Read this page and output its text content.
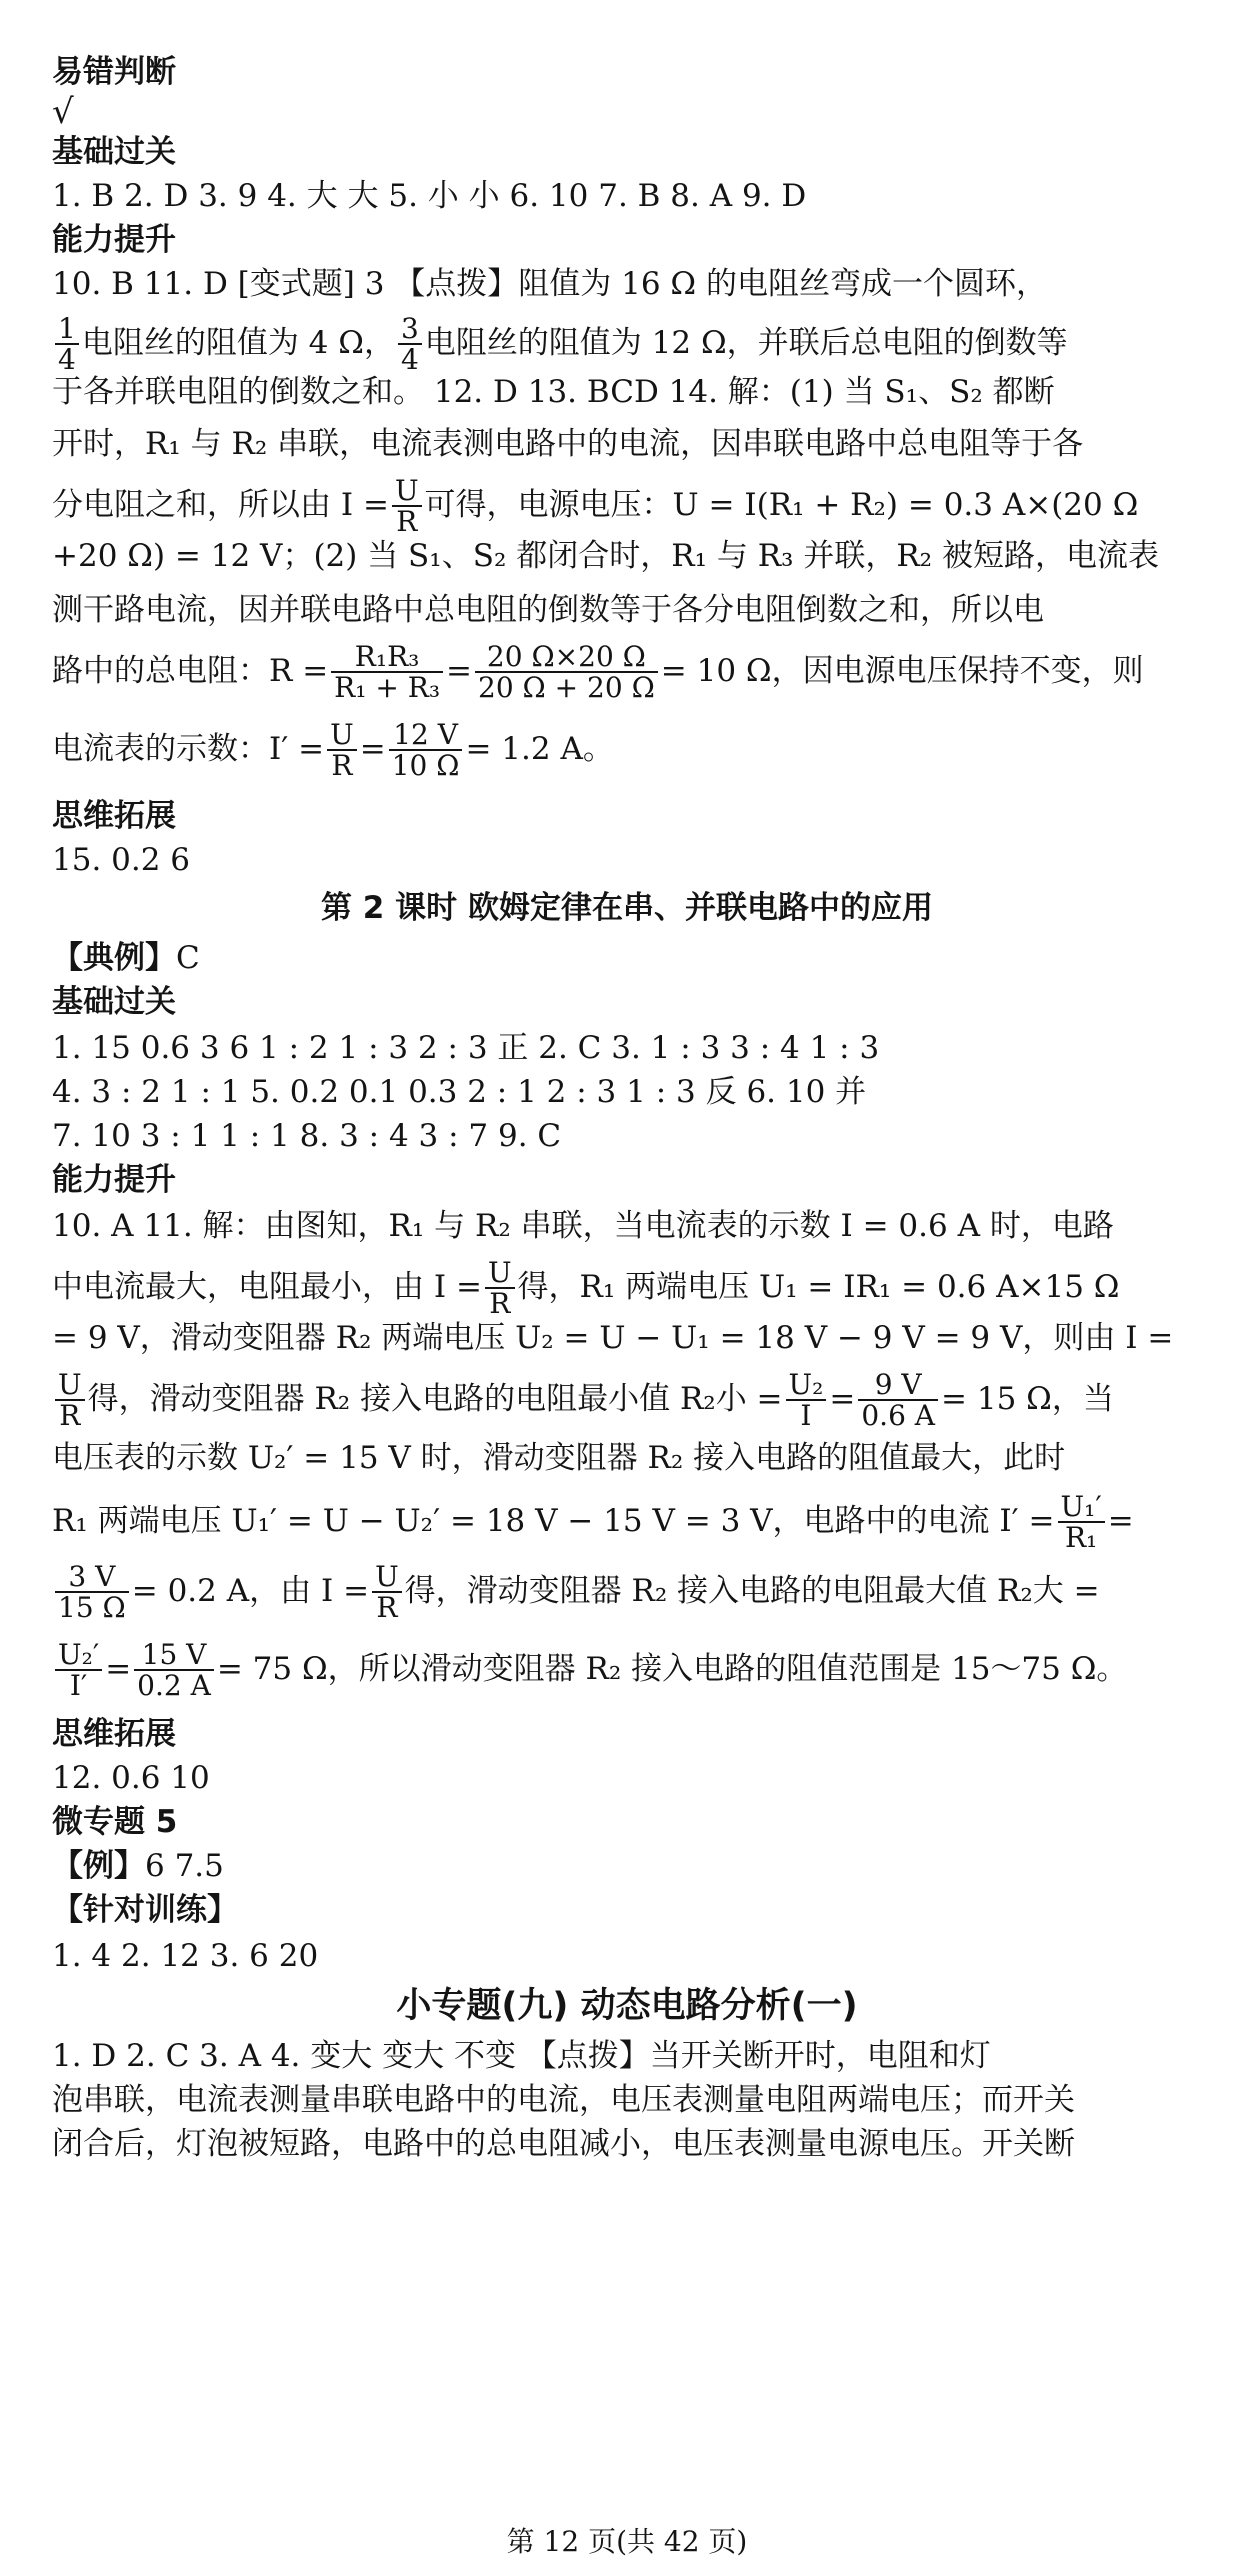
易错判断
√
基础过关
1. B 2. D 3. 9 4. 大 大 5. 小 小 6. 10 7. B 8. A 9. D
能力提升
10. B 11. D [变式题] 3 【点拨】阻值为 16 Ω 的电阻丝弯成一个圆环，
$\frac{1}{4}$ 电阻丝的阻值为 4 Ω， $\frac{3}{4}$ 电阻丝的阻值为 12 Ω，并联后总电阻的倒数等
于各并联电阻的倒数之和。 12. D 13. BCD 14. 解：(1) 当 S₁、S₂ 都断
开时，R₁ 与 R₂ 串联，电流表测电路中的电流，因串联电路中总电阻等于各
分电阻之和，所以由 $I = \frac{U}{R}$ 可得，电源电压：U = I(R₁ + R₂) = 0.3 A×(20 Ω
+20 Ω) = 12 V；(2) 当 S₁、S₂ 都闭合时，R₁ 与 R₃ 并联，R₂ 被短路，电流表
测干路电流，因并联电路中总电阻的倒数等于各分电阻倒数之和，所以电
路中的总电阻：$R = \frac{\text{R₁R₃}}{\text{R₁ + R₃}} = \frac{20 \Omega\times 20 \Omega}{20 \Omega + 20 \Omega} = 10$ Ω，因电源电压保持不变，则
电流表的示数：$I' = \frac{U}{R} = \frac{12 V}{10 \Omega} = 1.2$ A。
思维拓展
15. 0.2 6
第 2 课时 欧姆定律在串、并联电路中的应用
【典例】C
基础过关
1. 15 0.6 3 6 1 : 2 1 : 3 2 : 3 正 2. C 3. 1 : 3 3 : 4 1 : 3
4. 3 : 2 1 : 1 5. 0.2 0.1 0.3 2 : 1 2 : 3 1 : 3 反 6. 10 并
7. 10 3 : 1 1 : 1 8. 3 : 4 3 : 7 9. C
能力提升
10. A 11. 解：由图知，R₁ 与 R₂ 串联，当电流表的示数 I = 0.6 A 时，电路
中电流最大，电阻最小，由 $I = \frac{U}{R}$ 得，R₁ 两端电压 U₁ = IR₁ = 0.6 A×15 Ω
= 9 V，滑动变阻器 R₂ 两端电压 U₂ = U − U₁ = 18 V − 9 V = 9 V，则由 I =
$\frac{U}{R}$ 得，滑动变阻器 R₂ 接入电路的电阻最小值 R₂小 = $\frac{\text{U₂}}{I} = \frac{9 V}{0.6 A} = 15$ Ω，当
电压表的示数 U₂′ = 15 V 时，滑动变阻器 R₂ 接入电路的阻值最大，此时
R₁ 两端电压 U₁′ = U − U₂′ = 18 V − 15 V = 3 V，电路中的电流 $I' = \frac{\text{U₁′}}{\text{R₁}}$ =
$\frac{3 V}{15 \Omega} = 0.2$ A，由 $I = \frac{U}{R}$ 得，滑动变阻器 R₂ 接入电路的电阻最大值 R₂大 =
$\frac{\text{U₂′}}{I'} = \frac{15 V}{0.2 A} = 75$ Ω，所以滑动变阻器 R₂ 接入电路的阻值范围是 15～75 Ω。
思维拓展
12. 0.6 10
微专题 5
【例】6 7.5
【针对训练】
1. 4 2. 12 3. 6 20
小专题(九) 动态电路分析(一)
1. D 2. C 3. A 4. 变大 变大 不变 【点拨】当开关断开时，电阻和灯
泡串联，电流表测量串联电路中的电流，电压表测量电阻两端电压；而开关
闭合后，灯泡被短路，电路中的总电阻减小，电压表测量电源电压。开关断
第 12 页(共 42 页)
